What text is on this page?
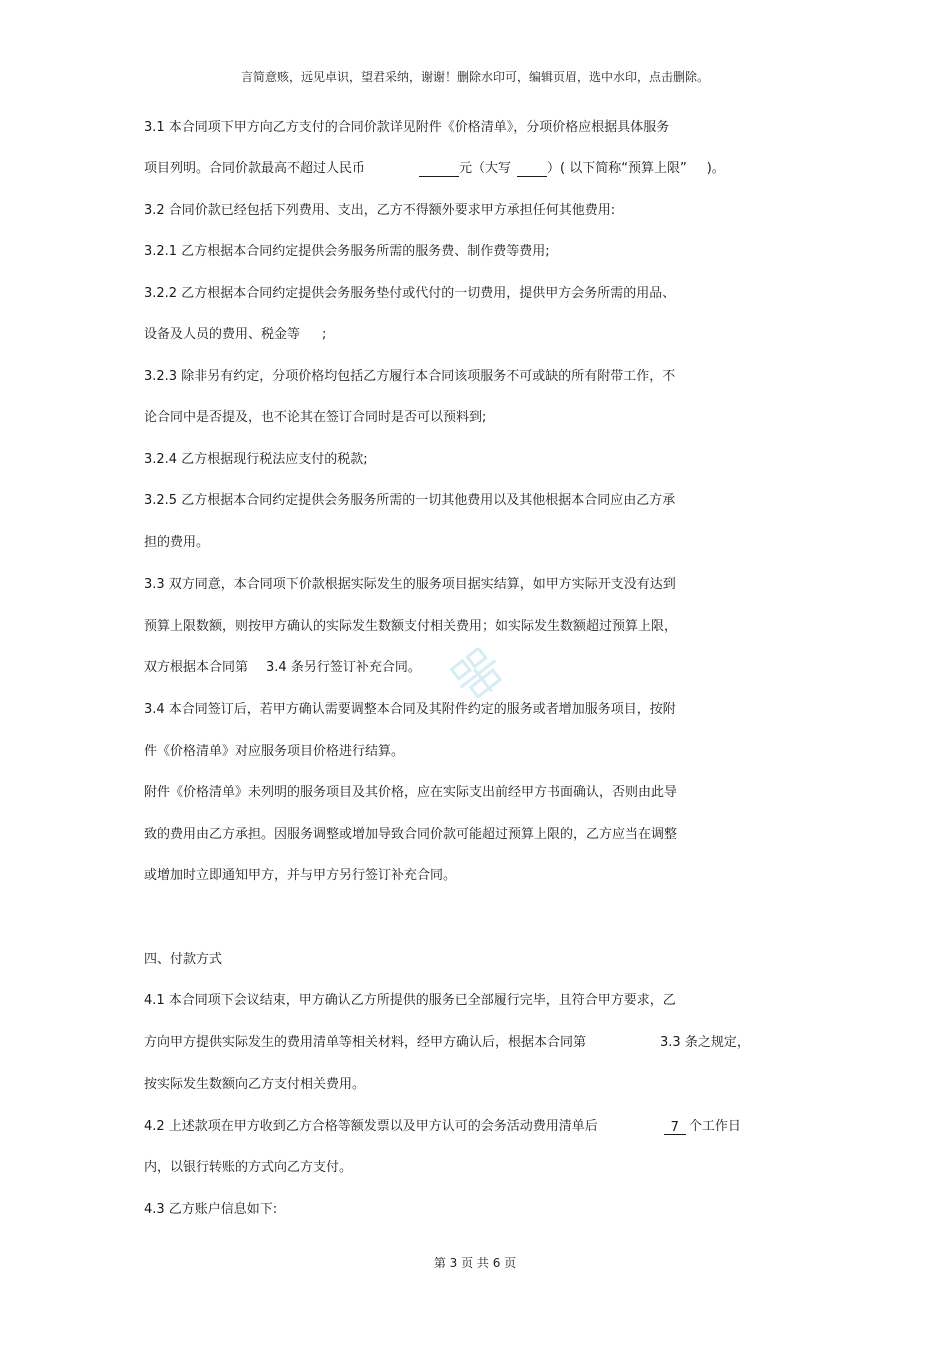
言简意赅，远见卓识，望君采纳，谢谢！删除水印可，编辑页眉，选中水印，点击删除。
3.1 本合同项下甲方向乙方支付的合同价款详见附件《价格清单》，分项价格应根据具体服务
项目列明。合同价款最高不超过人民币	元（大写	）( 以下简称“预算上限” )。
3.2 合同价款已经包括下列费用、支出，乙方不得额外要求甲方承担任何其他费用:
3.2.1 乙方根据本合同约定提供会务服务所需的服务费、制作费等费用;
3.2.2 乙方根据本合同约定提供会务服务垫付或代付的一切费用，提供甲方会务所需的用品、
设备及人员的费用、税金等 ;
3.2.3 除非另有约定，分项价格均包括乙方履行本合同该项服务不可或缺的所有附带工作，不
论合同中是否提及，也不论其在签订合同时是否可以预料到;
3.2.4 乙方根据现行税法应支付的税款;
3.2.5 乙方根据本合同约定提供会务服务所需的一切其他费用以及其他根据本合同应由乙方承
担的费用。
3.3 双方同意，本合同项下价款根据实际发生的服务项目据实结算，如甲方实际开支没有达到
预算上限数额，则按甲方确认的实际发生数额支付相关费用；如实际发生数额超过预算上限，
双方根据本合同第 3.4 条另行签订补充合同。
3.4 本合同签订后，若甲方确认需要调整本合同及其附件约定的服务或者增加服务项目，按附
件《价格清单》对应服务项目价格进行结算。
附件《价格清单》未列明的服务项目及其价格，应在实际支出前经甲方书面确认，否则由此导
致的费用由乙方承担。因服务调整或增加导致合同价款可能超过预算上限的，乙方应当在调整
或增加时立即通知甲方，并与甲方另行签订补充合同。
四、付款方式
4.1 本合同项下会议结束，甲方确认乙方所提供的服务已全部履行完毕，且符合甲方要求，乙
方向甲方提供实际发生的费用清单等相关材料，经甲方确认后，根据本合同第	3.3 条之规定，
按实际发生数额向乙方支付相关费用。
4.2 上述款项在甲方收到乙方合格等额发票以及甲方认可的会务活动费用清单后	7 个工作日
内，以银行转账的方式向乙方支付。
4.3 乙方账户信息如下:
第 3 页 共 6 页
